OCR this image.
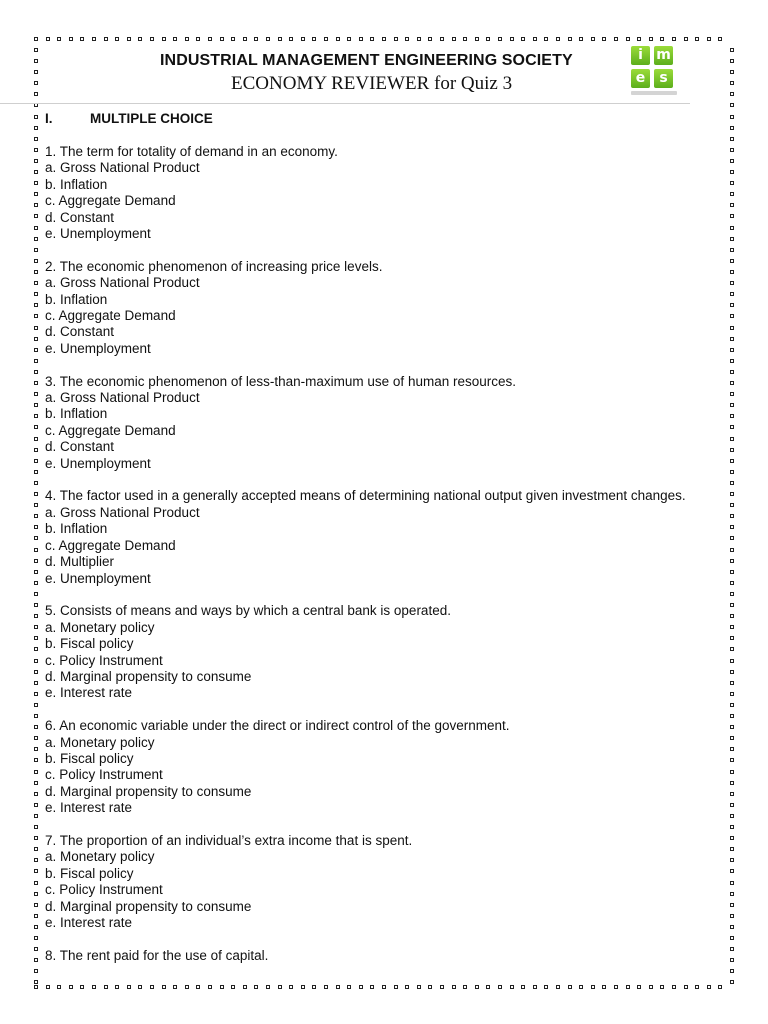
INDUSTRIAL MANAGEMENT ENGINEERING SOCIETY
ECONOMY REVIEWER for Quiz 3
i m
e	s
I.	MULTIPLE CHOICE
1. The term for totality of demand in an economy.
a. Gross National Product
b. Inflation
c. Aggregate Demand
d. Constant
e. Unemployment
2. The economic phenomenon of increasing price levels.
a. Gross National Product
b. Inflation
c. Aggregate Demand
d. Constant
e. Unemployment
3. The economic phenomenon of less-than-maximum use of human resources.
a. Gross National Product
b. Inflation
c. Aggregate Demand
d. Constant
e. Unemployment
4. The factor used in a generally accepted means of determining national output given investment changes.
a. Gross National Product
b. Inflation
c. Aggregate Demand
d. Multiplier
e. Unemployment
5. Consists of means and ways by which a central bank is operated.
a. Monetary policy
b. Fiscal policy
c. Policy Instrument
d. Marginal propensity to consume
e. Interest rate
6. An economic variable under the direct or indirect control of the government.
a. Monetary policy
b. Fiscal policy
c. Policy Instrument
d. Marginal propensity to consume
e. Interest rate
7. The proportion of an individual’s extra income that is spent.
a. Monetary policy
b. Fiscal policy
c. Policy Instrument
d. Marginal propensity to consume
e. Interest rate
8. The rent paid for the use of capital.
